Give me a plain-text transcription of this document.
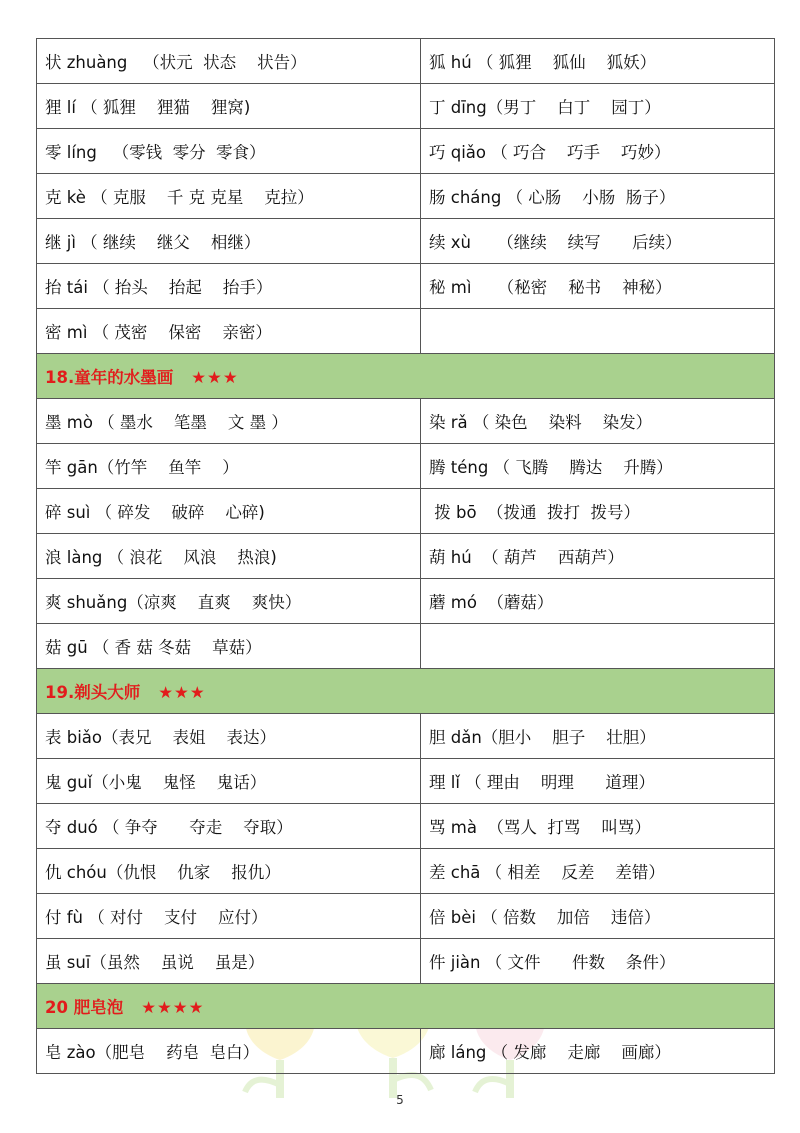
状 zhuàng   （状元  状态    状告）	狐 hú （ 狐狸    狐仙    狐妖）
狸 lí （ 狐狸    狸猫    狸窝)	丁 dīng（男丁    白丁    园丁）
零 líng   （零钱  零分  零食）	巧 qiǎo （ 巧合    巧手    巧妙）
克 kè （ 克服    千 克 克星    克拉）	肠 cháng （ 心肠    小肠  肠子）
继 jì （ 继续    继父    相继）	续 xù     （继续    续写      后续）
抬 tái （ 抬头    抬起    抬手）	秘 mì     （秘密    秘书    神秘）
密 mì （ 茂密    保密    亲密）	
18.童年的水墨画 ★★★	
墨 mò （ 墨水    笔墨    文 墨 ）	染 rǎ （ 染色    染料    染发）
竿 gān（竹竿    鱼竿    ）	腾 téng （ 飞腾    腾达    升腾）
碎 suì （ 碎发    破碎    心碎)	拨 bō  （拨通  拨打  拨号）
浪 làng （ 浪花    风浪    热浪)	葫 hú  （ 葫芦    西葫芦）
爽 shuǎng（凉爽    直爽    爽快）	蘑 mó  （蘑菇）
菇 gū （ 香 菇 冬菇    草菇）	
19.剃头大师 ★★★	
表 biǎo（表兄    表姐    表达）	胆 dǎn（胆小    胆子    壮胆）
鬼 guǐ（小鬼    鬼怪    鬼话）	理 lǐ （ 理由    明理      道理）
夺 duó （ 争夺      夺走    夺取）	骂 mà  （骂人  打骂    叫骂）
仇 chóu（仇恨    仇家    报仇）	差 chā （ 相差    反差    差错）
付 fù （ 对付    支付    应付）	倍 bèi （ 倍数    加倍    违倍）
虽 suī（虽然    虽说    虽是）	件 jiàn （ 文件      件数    条件）
20 肥皂泡 ★★★★	
皂 zào（肥皂    药皂  皂白）	廊 láng （ 发廊    走廊    画廊）
5
